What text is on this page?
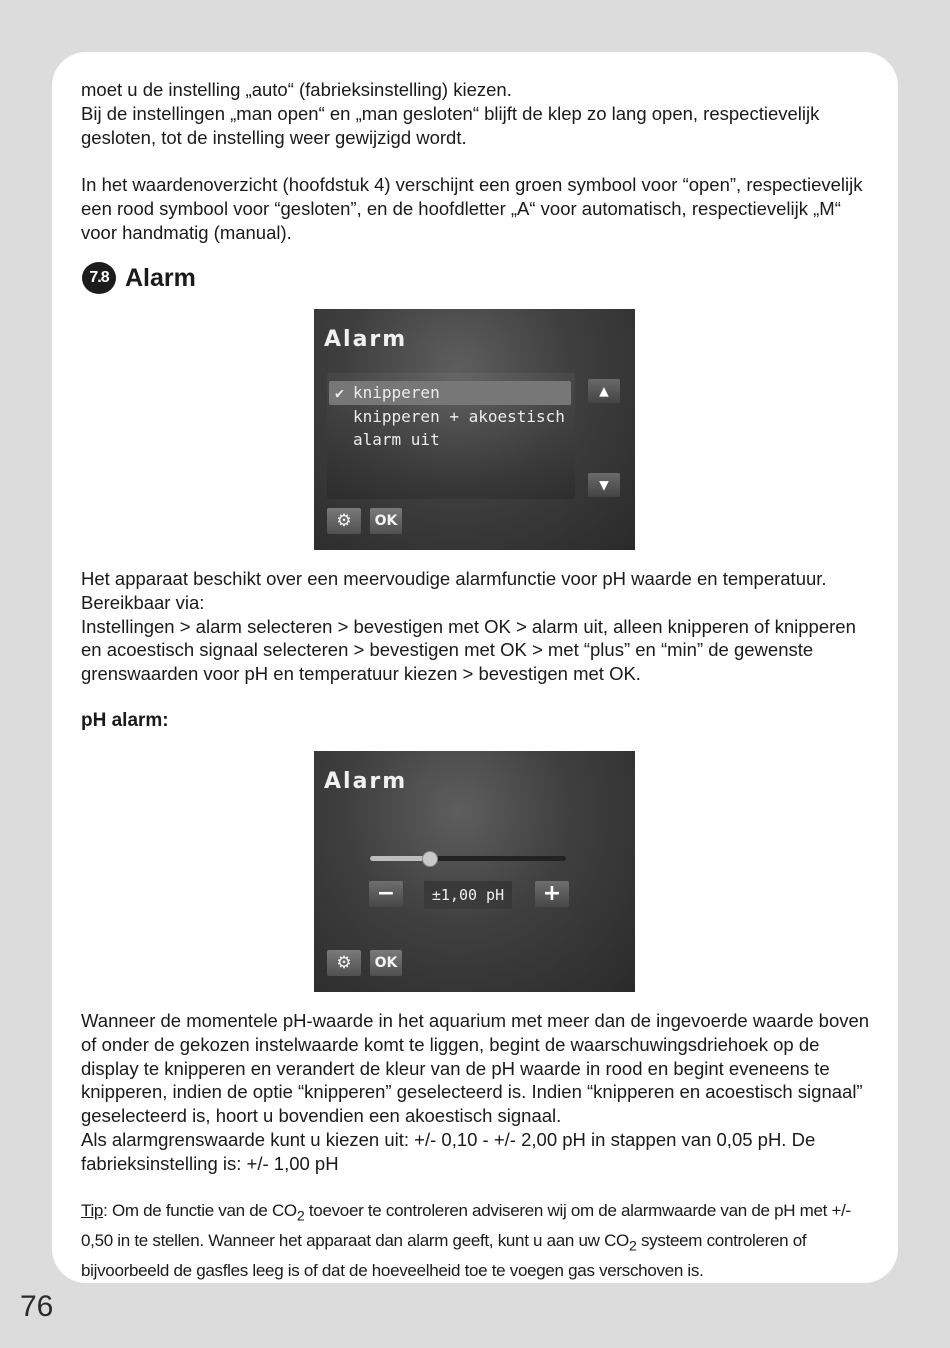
moet u de instelling „auto“ (fabrieksinstelling) kiezen.

Bij de instellingen „man open“ en „man gesloten“ blijft de klep zo lang open, respectievelijk gesloten, tot de instelling weer gewijzigd wordt.

In het waardenoverzicht (hoofdstuk 4) verschijnt een groen symbool voor “open”, respectievelijk een rood symbool voor “gesloten”, en de hoofdletter „A“ voor automatisch, respectievelijk „M“ voor handmatig (manual).

7.8 Alarm
Alarm
✔ knipperen
knipperen + akoestisch
alarm uit
▲
▼
⚙	OK

Het apparaat beschikt over een meervoudige alarmfunctie voor pH waarde en temperatuur.

Bereikbaar via:

Instellingen > alarm selecteren > bevestigen met OK > alarm uit, alleen knipperen of knipperen en acoestisch signaal selecteren > bevestigen met OK > met “plus” en “min” de gewenste grenswaarden voor pH en temperatuur kiezen > bevestigen met OK.

pH alarm:
Alarm
−	±1,00 pH	+
⚙	OK

Wanneer de momentele pH-waarde in het aquarium met meer dan de ingevoerde waarde boven of onder de gekozen instelwaarde komt te liggen, begint de waarschuwingsdriehoek op de display te knipperen en verandert de kleur van de pH waarde in rood en begint eveneens te knipperen, indien de optie “knipperen” geselecteerd is. Indien “knipperen en acoestisch signaal” geselecteerd is, hoort u bovendien een akoestisch signaal.

Als alarmgrenswaarde kunt u kiezen uit: +/- 0,10 - +/- 2,00 pH in stappen van 0,05 pH. De fabrieksinstelling is: +/- 1,00 pH

Tip: Om de functie van de $CO_2$ toevoer te controleren adviseren wij om de alarmwaarde van de pH met +/- 0,50 in te stellen. Wanneer het apparaat dan alarm geeft, kunt u aan uw $CO_2$ systeem controleren of bijvoorbeeld de gasfles leeg is of dat de hoeveelheid toe te voegen gas verschoven is.

76
